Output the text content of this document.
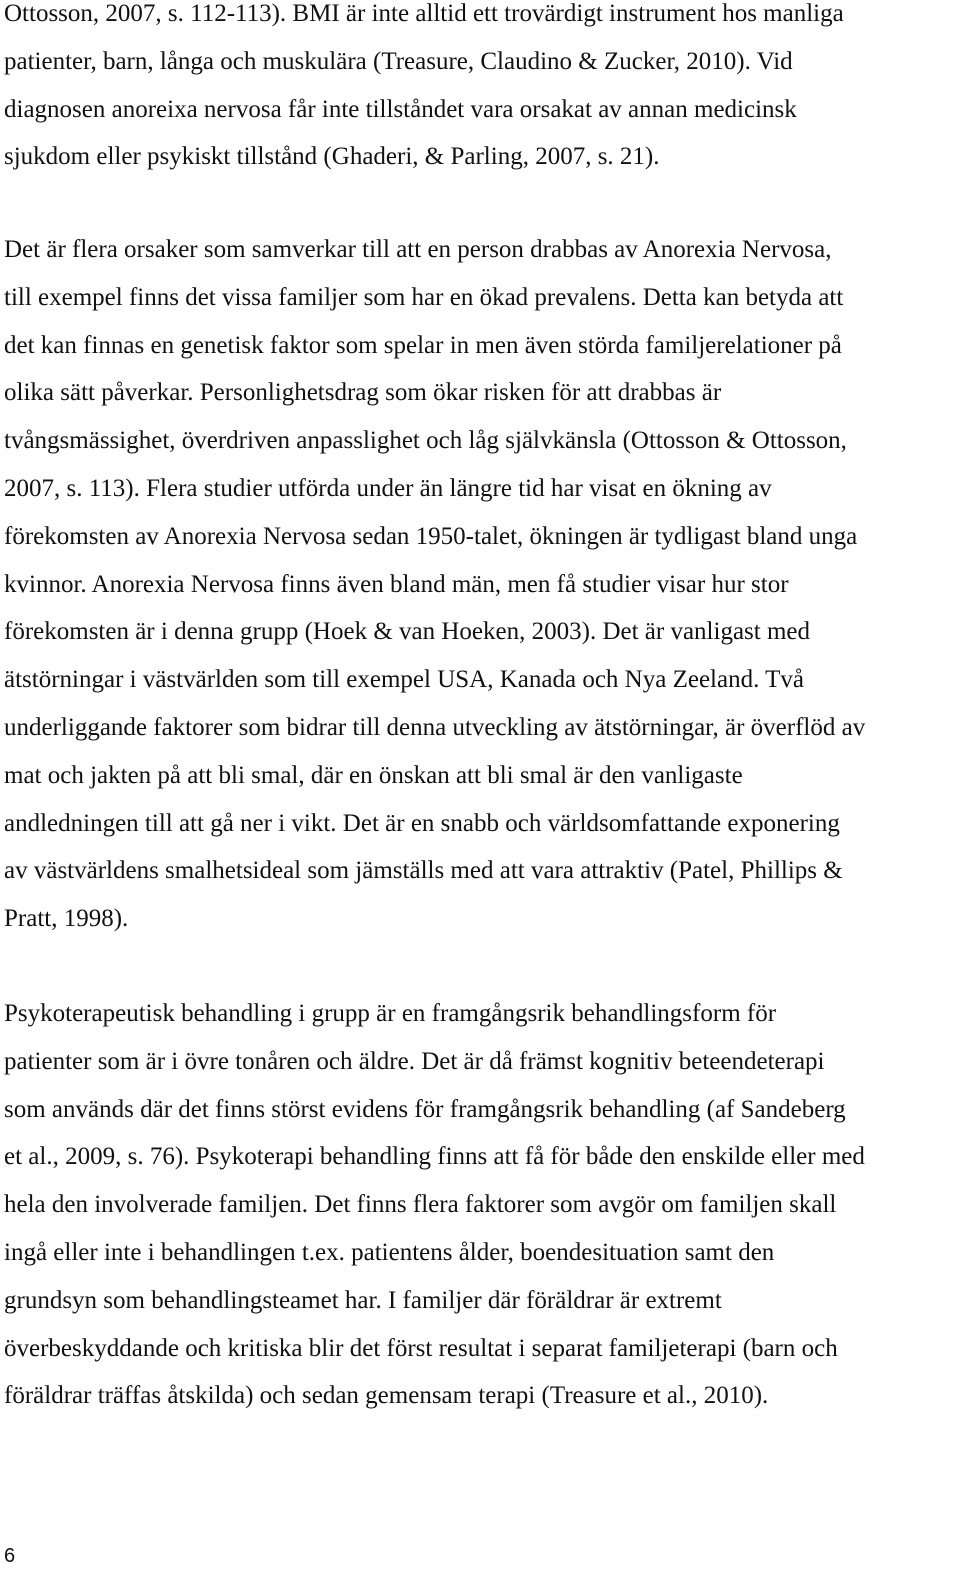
Ottosson, 2007, s. 112-113). BMI är inte alltid ett trovärdigt instrument hos manliga
patienter, barn, långa och muskulära (Treasure, Claudino & Zucker, 2010). Vid
diagnosen anoreixa nervosa får inte tillståndet vara orsakat av annan medicinsk
sjukdom eller psykiskt tillstånd (Ghaderi, & Parling, 2007, s. 21).
Det är flera orsaker som samverkar till att en person drabbas av Anorexia Nervosa,
till exempel finns det vissa familjer som har en ökad prevalens. Detta kan betyda att
det kan finnas en genetisk faktor som spelar in men även störda familjerelationer på
olika sätt påverkar. Personlighetsdrag som ökar risken för att drabbas är
tvångsmässighet, överdriven anpasslighet och låg självkänsla (Ottosson & Ottosson,
2007, s. 113). Flera studier utförda under än längre tid har visat en ökning av
förekomsten av Anorexia Nervosa sedan 1950-talet, ökningen är tydligast bland unga
kvinnor. Anorexia Nervosa finns även bland män, men få studier visar hur stor
förekomsten är i denna grupp (Hoek & van Hoeken, 2003). Det är vanligast med
ätstörningar i västvärlden som till exempel USA, Kanada och Nya Zeeland. Två
underliggande faktorer som bidrar till denna utveckling av ätstörningar, är överflöd av
mat och jakten på att bli smal, där en önskan att bli smal är den vanligaste
andledningen till att gå ner i vikt. Det är en snabb och världsomfattande exponering
av västvärldens smalhetsideal som jämställs med att vara attraktiv (Patel, Phillips &
Pratt, 1998).
Psykoterapeutisk behandling i grupp är en framgångsrik behandlingsform för
patienter som är i övre tonåren och äldre. Det är då främst kognitiv beteendeterapi
som används där det finns störst evidens för framgångsrik behandling (af Sandeberg
et al., 2009, s. 76). Psykoterapi behandling finns att få för både den enskilde eller med
hela den involverade familjen. Det finns flera faktorer som avgör om familjen skall
ingå eller inte i behandlingen t.ex. patientens ålder, boendesituation samt den
grundsyn som behandlingsteamet har. I familjer där föräldrar är extremt
överbeskyddande och kritiska blir det först resultat i separat familjeterapi (barn och
föräldrar träffas åtskilda) och sedan gemensam terapi (Treasure et al., 2010).
6
